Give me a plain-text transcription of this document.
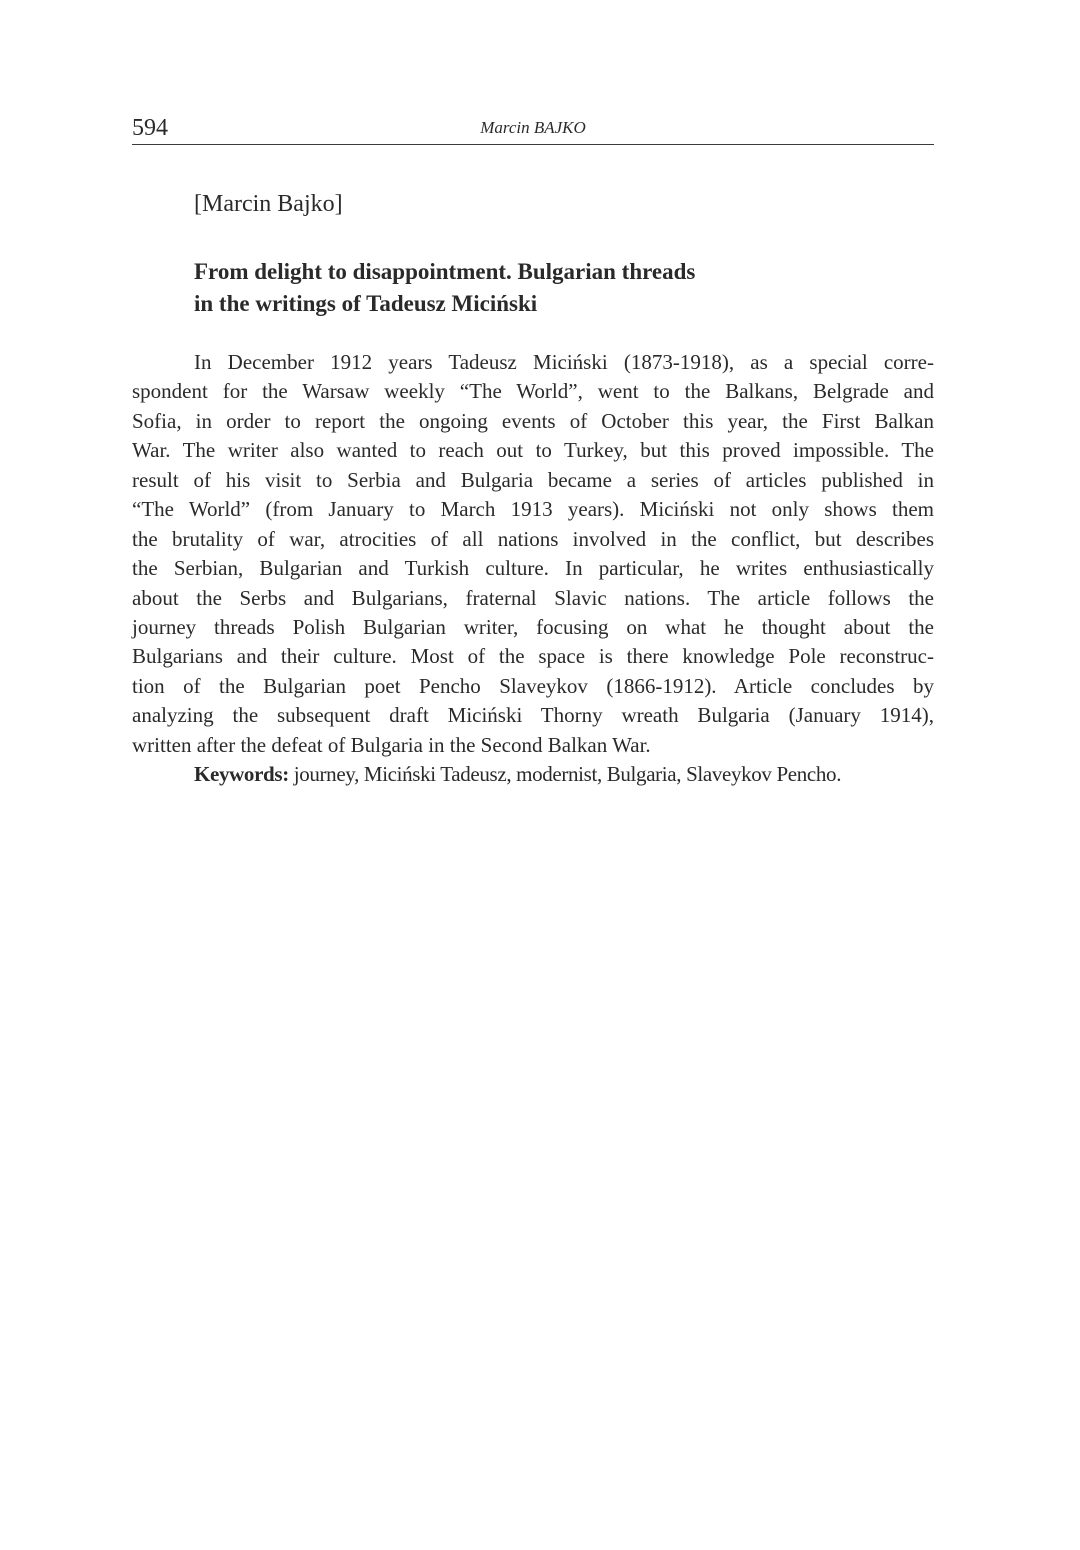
594	Marcin BAJKO
[Marcin Bajko]
From delight to disappointment. Bulgarian threads
in the writings of Tadeusz Miciński
In December 1912 years Tadeusz Miciński (1873-1918), as a special corre-
spondent for the Warsaw weekly “The World”, went to the Balkans, Belgrade and
Sofia, in order to report the ongoing events of October this year, the First Balkan
War. The writer also wanted to reach out to Turkey, but this proved impossible. The
result of his visit to Serbia and Bulgaria became a series of articles published in
“The World” (from January to March 1913 years). Miciński not only shows them
the brutality of war, atrocities of all nations involved in the conflict, but describes
the Serbian, Bulgarian and Turkish culture. In particular, he writes enthusiastically
about the Serbs and Bulgarians, fraternal Slavic nations. The article follows the
journey threads Polish Bulgarian writer, focusing on what he thought about the
Bulgarians and their culture. Most of the space is there knowledge Pole reconstruc-
tion of the Bulgarian poet Pencho Slaveykov (1866-1912). Article concludes by
analyzing the subsequent draft Miciński Thorny wreath Bulgaria (January 1914),
written after the defeat of Bulgaria in the Second Balkan War.
Keywords: journey, Miciński Tadeusz, modernist, Bulgaria, Slaveykov Pencho.
